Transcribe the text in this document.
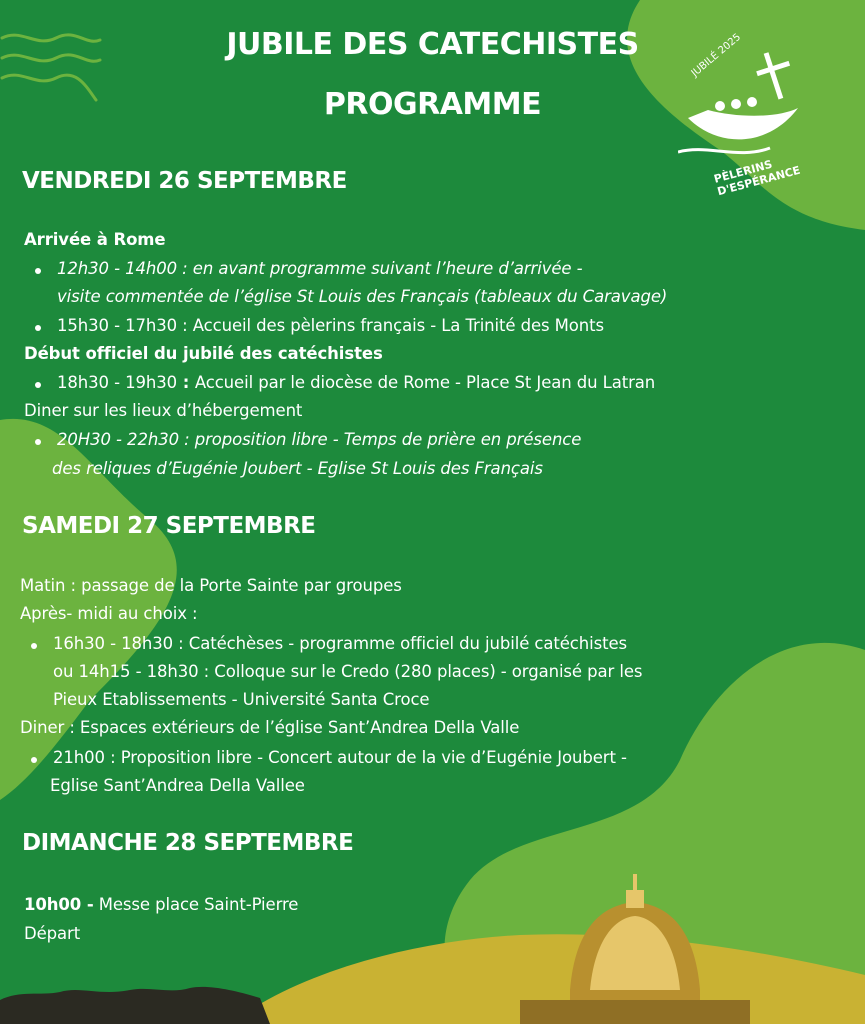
JUBILE DES CATECHISTES
PROGRAMME
JUBILÉ 2025
PÈLERINS D'ESPÉRANCE
VENDREDI 26 SEPTEMBRE
Arrivée à Rome
12h30 - 14h00 : en avant programme suivant l’heure d’arrivée -
visite commentée de l’église St Louis des Français (tableaux du Caravage)
15h30 - 17h30 : Accueil des pèlerins français - La Trinité des Monts
Début officiel du jubilé des catéchistes
18h30 - 19h30 : Accueil par le diocèse de Rome - Place St Jean du Latran
Diner sur les lieux d’hébergement
20H30 - 22h30 : proposition libre - Temps de prière en présence
des reliques d’Eugénie Joubert - Eglise St Louis des Français
SAMEDI 27 SEPTEMBRE
Matin : passage de la Porte Sainte par groupes
Après- midi au choix :
16h30 - 18h30 : Catéchèses - programme officiel du jubilé catéchistes
ou 14h15 - 18h30 : Colloque sur le Credo (280 places) - organisé par les
Pieux Etablissements - Université Santa Croce
Diner : Espaces extérieurs de l’église Sant’Andrea Della Valle
21h00 : Proposition libre - Concert autour de la vie d’Eugénie Joubert -
Eglise Sant’Andrea Della Vallee
DIMANCHE 28 SEPTEMBRE
10h00 - Messe place Saint-Pierre
Départ
